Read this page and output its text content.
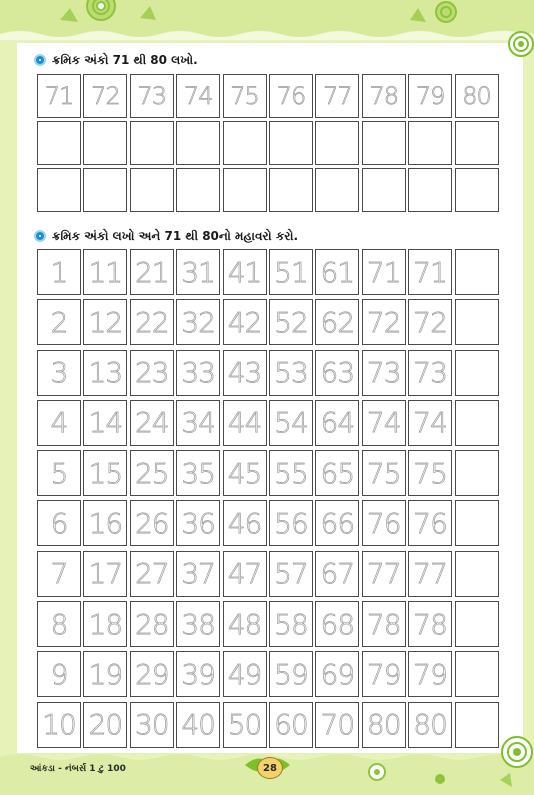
ક્રમિક અંકો 71 થી 80 લખો.
71 72 73 74 75 76 77 78 79 80
ક્રમિક અંકો લખો અને 71 થી 80નો મહાવરો કરો.
1 11 21 31 41 51 61 71 71
2 12 22 32 42 52 62 72 72
3 13 23 33 43 53 63 73 73
4 14 24 34 44 54 64 74 74
5 15 25 35 45 55 65 75 75
6 16 26 36 46 56 66 76 76
7 17 27 37 47 57 67 77 77
8 18 28 38 48 58 68 78 78
9 19 29 39 49 59 69 79 79
10 20 30 40 50 60 70 80 80
આંકડા - નંબર્સ 1 ટુ 100	28
